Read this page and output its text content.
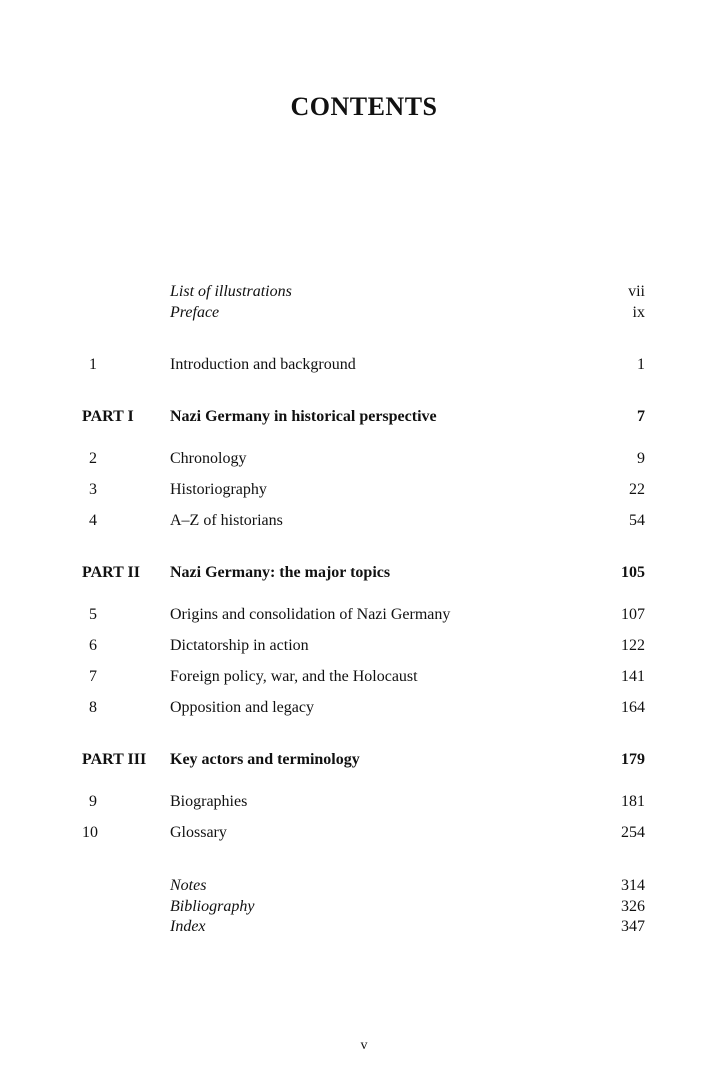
CONTENTS
List of illustrations	vii
Preface	ix
1	Introduction and background	1
PART I Nazi Germany in historical perspective	7
2	Chronology	9
3	Historiography	22
4	A–Z of historians	54
PART II Nazi Germany: the major topics	105
5	Origins and consolidation of Nazi Germany	107
6	Dictatorship in action	122
7	Foreign policy, war, and the Holocaust	141
8	Opposition and legacy	164
PART III Key actors and terminology	179
9	Biographies	181
10	Glossary	254
Notes	314
Bibliography	326
Index	347
v
